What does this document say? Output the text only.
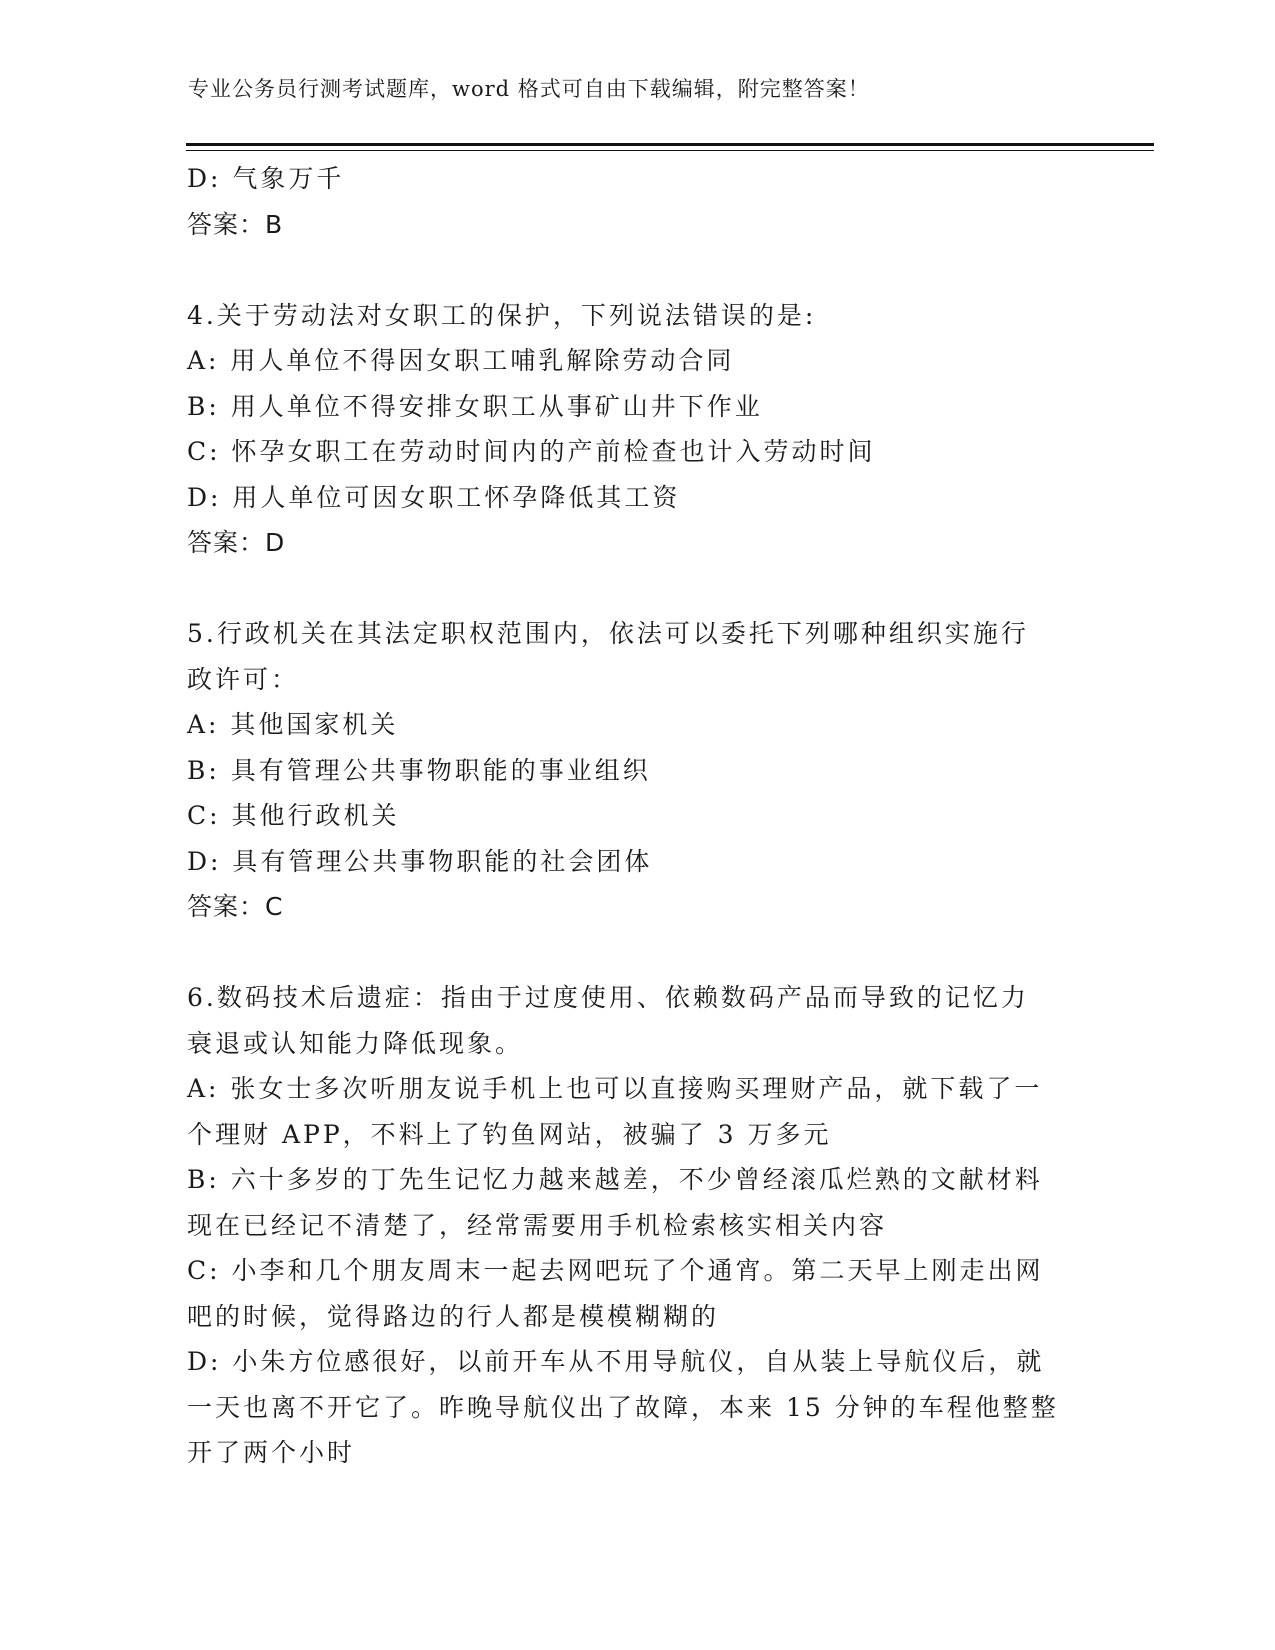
专业公务员行测考试题库，word 格式可自由下载编辑，附完整答案！

D: 气象万千

答案：B

4.关于劳动法对女职工的保护，下列说法错误的是:

A: 用人单位不得因女职工哺乳解除劳动合同

B: 用人单位不得安排女职工从事矿山井下作业

C: 怀孕女职工在劳动时间内的产前检查也计入劳动时间

D: 用人单位可因女职工怀孕降低其工资

答案：D

5.行政机关在其法定职权范围内，依法可以委托下列哪种组织实施行

政许可：

A: 其他国家机关

B: 具有管理公共事物职能的事业组织

C: 其他行政机关

D: 具有管理公共事物职能的社会团体

答案：C

6.数码技术后遗症：指由于过度使用、依赖数码产品而导致的记忆力

衰退或认知能力降低现象。

A: 张女士多次听朋友说手机上也可以直接购买理财产品，就下载了一

个理财 APP，不料上了钓鱼网站，被骗了 3 万多元

B: 六十多岁的丁先生记忆力越来越差，不少曾经滚瓜烂熟的文献材料

现在已经记不清楚了，经常需要用手机检索核实相关内容

C: 小李和几个朋友周末一起去网吧玩了个通宵。第二天早上刚走出网

吧的时候，觉得路边的行人都是模模糊糊的

D: 小朱方位感很好，以前开车从不用导航仪，自从装上导航仪后，就

一天也离不开它了。昨晚导航仪出了故障，本来 15 分钟的车程他整整

开了两个小时
